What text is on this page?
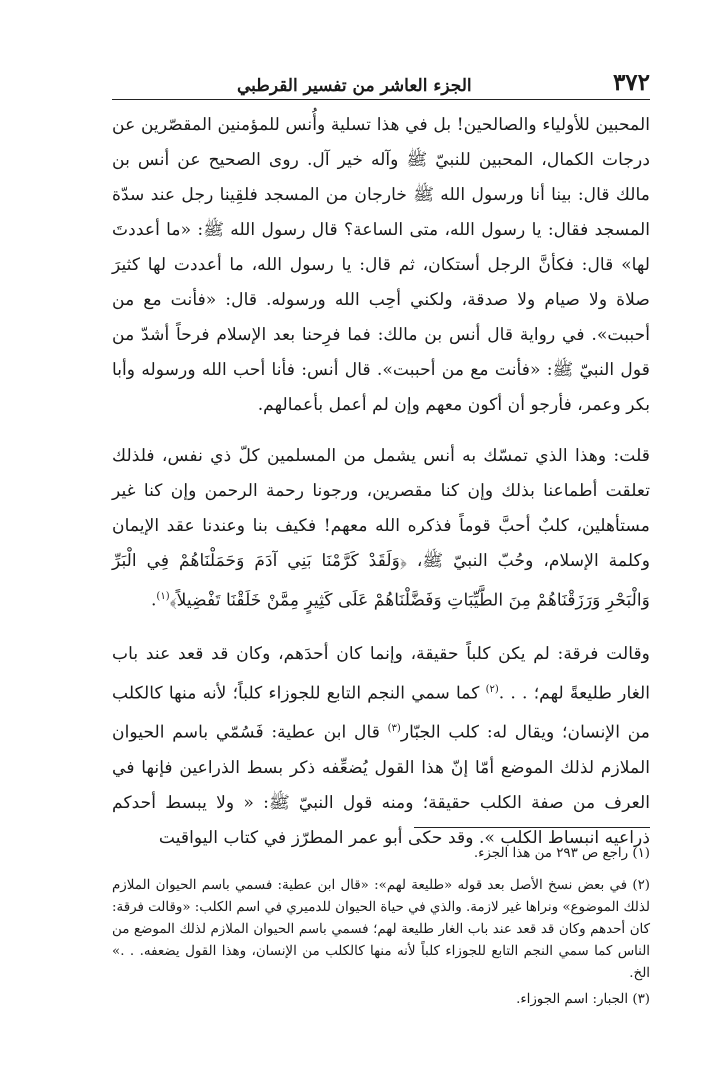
٣٧٢
الجزء العاشر من تفسير القرطبي

المحبين للأولياء والصالحين! بل في هذا تسلية وأُنس للمؤمنين المقصّرين عن درجات الكمال، المحبين للنبيّ ﷺ وآله خير آل. روى الصحيح عن أنس بن مالك قال: بينا أنا ورسول الله ﷺ خارجان من المسجد فلقِينا رجل عند سدّة المسجد فقال: يا رسول الله، متى الساعة؟ قال رسول الله ﷺ: «ما أعددتَ لها» قال: فكأنَّ الرجل أستكان، ثم قال: يا رسول الله، ما أعددت لها كثيرَ صلاة ولا صيام ولا صدقة، ولكني أحِب الله ورسوله. قال: «فأنت مع من أحببت». في رواية قال أنس بن مالك: فما فرِحنا بعد الإسلام فرحاً أشدّ من قول النبيّ ﷺ: «فأنت مع من أحببت». قال أنس: فأنا أحب الله ورسوله وأبا بكر وعمر، فأرجو أن أكون معهم وإن لم أعمل بأعمالهم.

قلت: وهذا الذي تمسّك به أنس يشمل من المسلمين كلّ ذي نفس، فلذلك تعلقت أطماعنا بذلك وإن كنا مقصرين، ورجونا رحمة الرحمن وإن كنا غير مستأهلين، كلبٌ أحبَّ قوماً فذكره الله معهم! فكيف بنا وعندنا عقد الإيمان وكلمة الإسلام، وحُبّ النبيّ ﷺ، ﴿وَلَقَدْ كَرَّمْنَا بَنِي آدَمَ وَحَمَلْنَاهُمْ فِي الْبَرِّ وَالْبَحْرِ وَرَزَقْنَاهُمْ مِنَ الطَّيِّبَاتِ وَفَضَّلْنَاهُمْ عَلَى كَثِيرٍ مِمَّنْ خَلَقْنَا تَفْضِيلاً﴾$^{(١)}$.

وقالت فرقة: لم يكن كلباً حقيقة، وإنما كان أحدَهم، وكان قد قعد عند باب الغار طليعةً لهم؛ . . .$^{(٢)}$ كما سمي النجم التابع للجوزاء كلباً؛ لأنه منها كالكلب من الإنسان؛ ويقال له: كلب الجبّار$^{(٣)}$ قال ابن عطية: فَسُمّي باسم الحيوان الملازم لذلك الموضع أمّا إنّ هذا القول يُضعِّفه ذكر بسط الذراعين فإنها في العرف من صفة الكلب حقيقة؛ ومنه قول النبيّ ﷺ: « ولا يبسط أحدكم ذراعيه انبساط الكلب ». وقد حكى أبو عمر المطرّز في كتاب اليواقيت

(١) راجع ص ٢٩٣ من هذا الجزء.

(٢) في بعض نسخ الأصل بعد قوله «طليعة لهم»: «قال ابن عطية: فسمي باسم الحيوان الملازم لذلك الموضوع» ونراها غير لازمة. والذي في حياة الحيوان للدميري في اسم الكلب: «وقالت فرقة: كان أحدهم وكان قد قعد عند باب الغار طليعة لهم؛ فسمي باسم الحيوان الملازم لذلك الموضع من الناس كما سمي النجم التابع للجوزاء كلباً لأنه منها كالكلب من الإنسان، وهذا القول يضعفه. . .» الخ.

(٣) الجبار: اسم الجوزاء.
